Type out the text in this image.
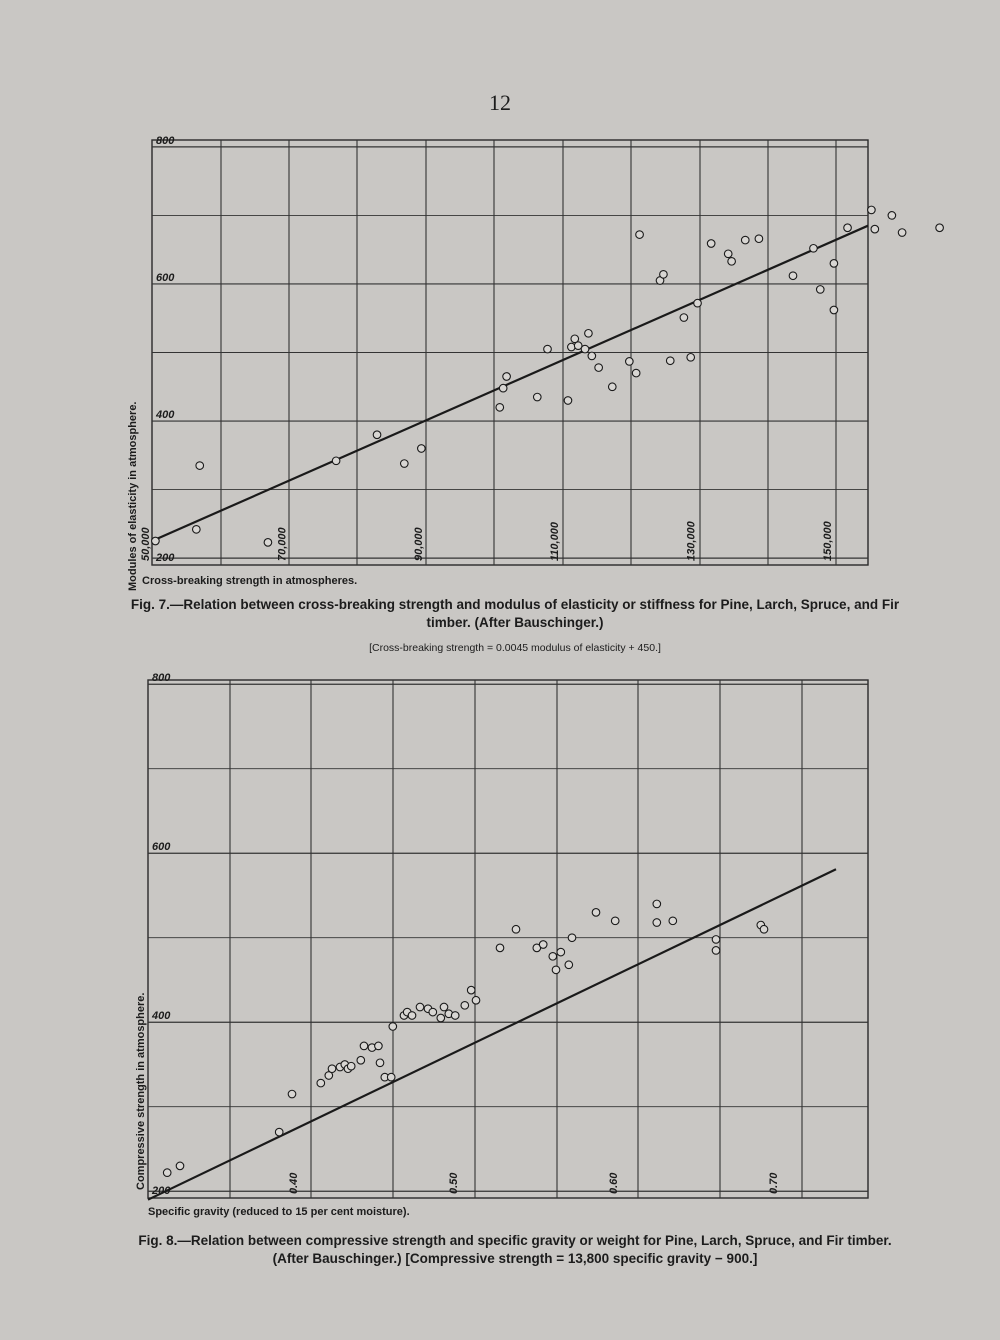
12
800
600
400
200
50,000	70,000	90,000	110,000	130,000	150,000
800
600
400
200	0.40	0.50	0.60	0.70
Modules of elasticity in atmosphere. Cross-breaking strength in atmospheres.
Fig. 7.—Relation between cross-breaking strength and modulus of elasticity or stiffness for Pine, Larch, Spruce, and Fir timber. (After Bauschinger.)
[Cross-breaking strength = 0.0045 modulus of elasticity + 450.]
Compressive strength in atmosphere.
Specific gravity (reduced to 15 per cent moisture).
Fig. 8.—Relation between compressive strength and specific gravity or weight for Pine, Larch, Spruce, and Fir timber. (After Bauschinger.) [Compressive strength = 13,800 specific gravity − 900.]
